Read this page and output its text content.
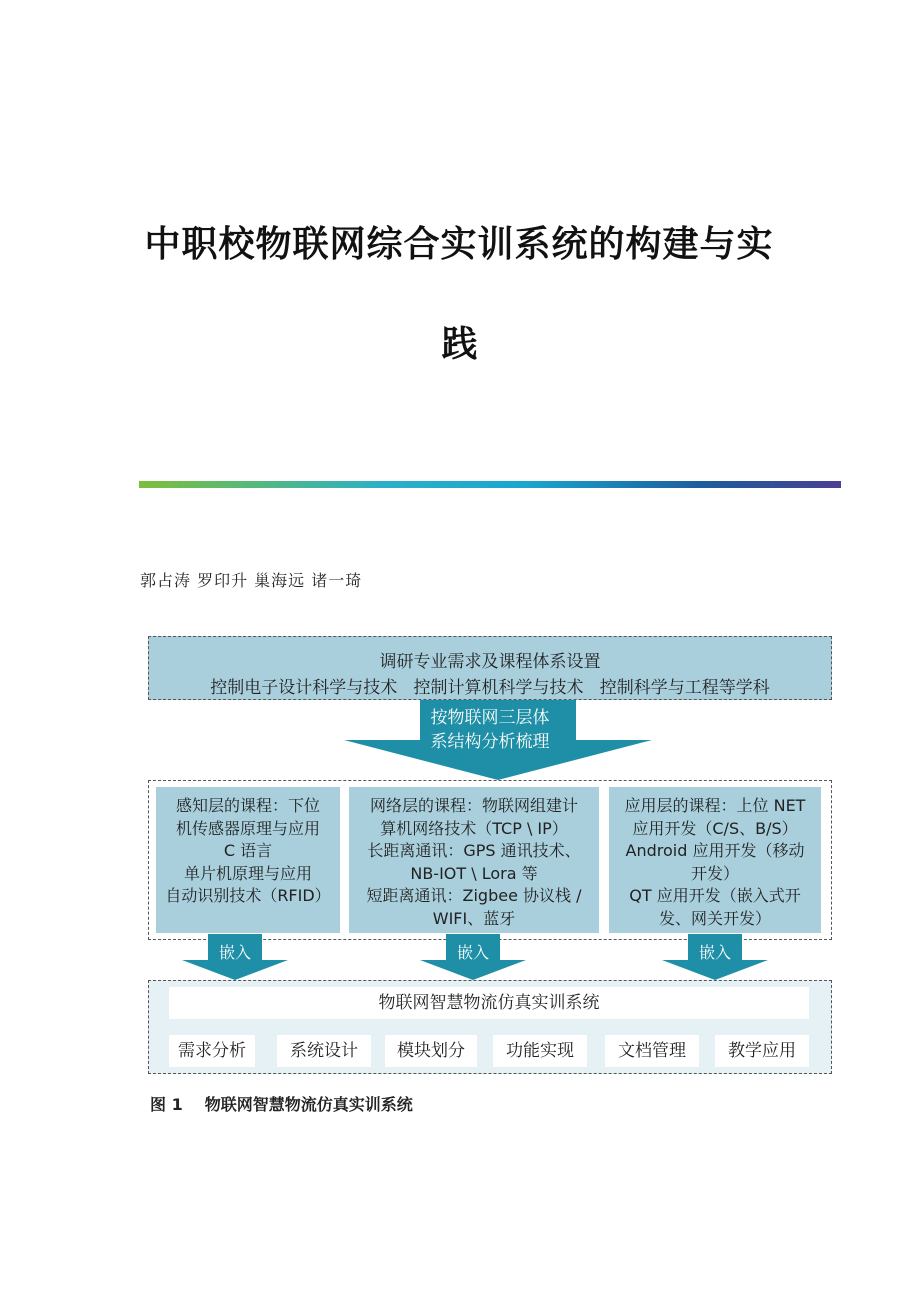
中职校物联网综合实训系统的构建与实
践
郭占涛 罗印升 巢海远 诸一琦
调研专业需求及课程体系设置
控制电子设计科学与技术   控制计算机科学与技术   控制科学与工程等学科
按物联网三层体
系结构分析梳理
感知层的课程：下位
机传感器原理与应用
C 语言
单片机原理与应用
自动识别技术（RFID）
网络层的课程：物联网组建计
算机网络技术（TCP \ IP）
长距离通讯：GPS 通讯技术、
NB-IOT \ Lora 等
短距离通讯：Zigbee 协议栈 /
WIFI、蓝牙
应用层的课程：上位 NET
应用开发（C/S、B/S）
Android 应用开发（移动
开发）
QT 应用开发（嵌入式开
发、网关开发）
嵌入	嵌入	嵌入
物联网智慧物流仿真实训系统
需求分析	系统设计	模块划分	功能实现	文档管理	教学应用
图 1 物联网智慧物流仿真实训系统
